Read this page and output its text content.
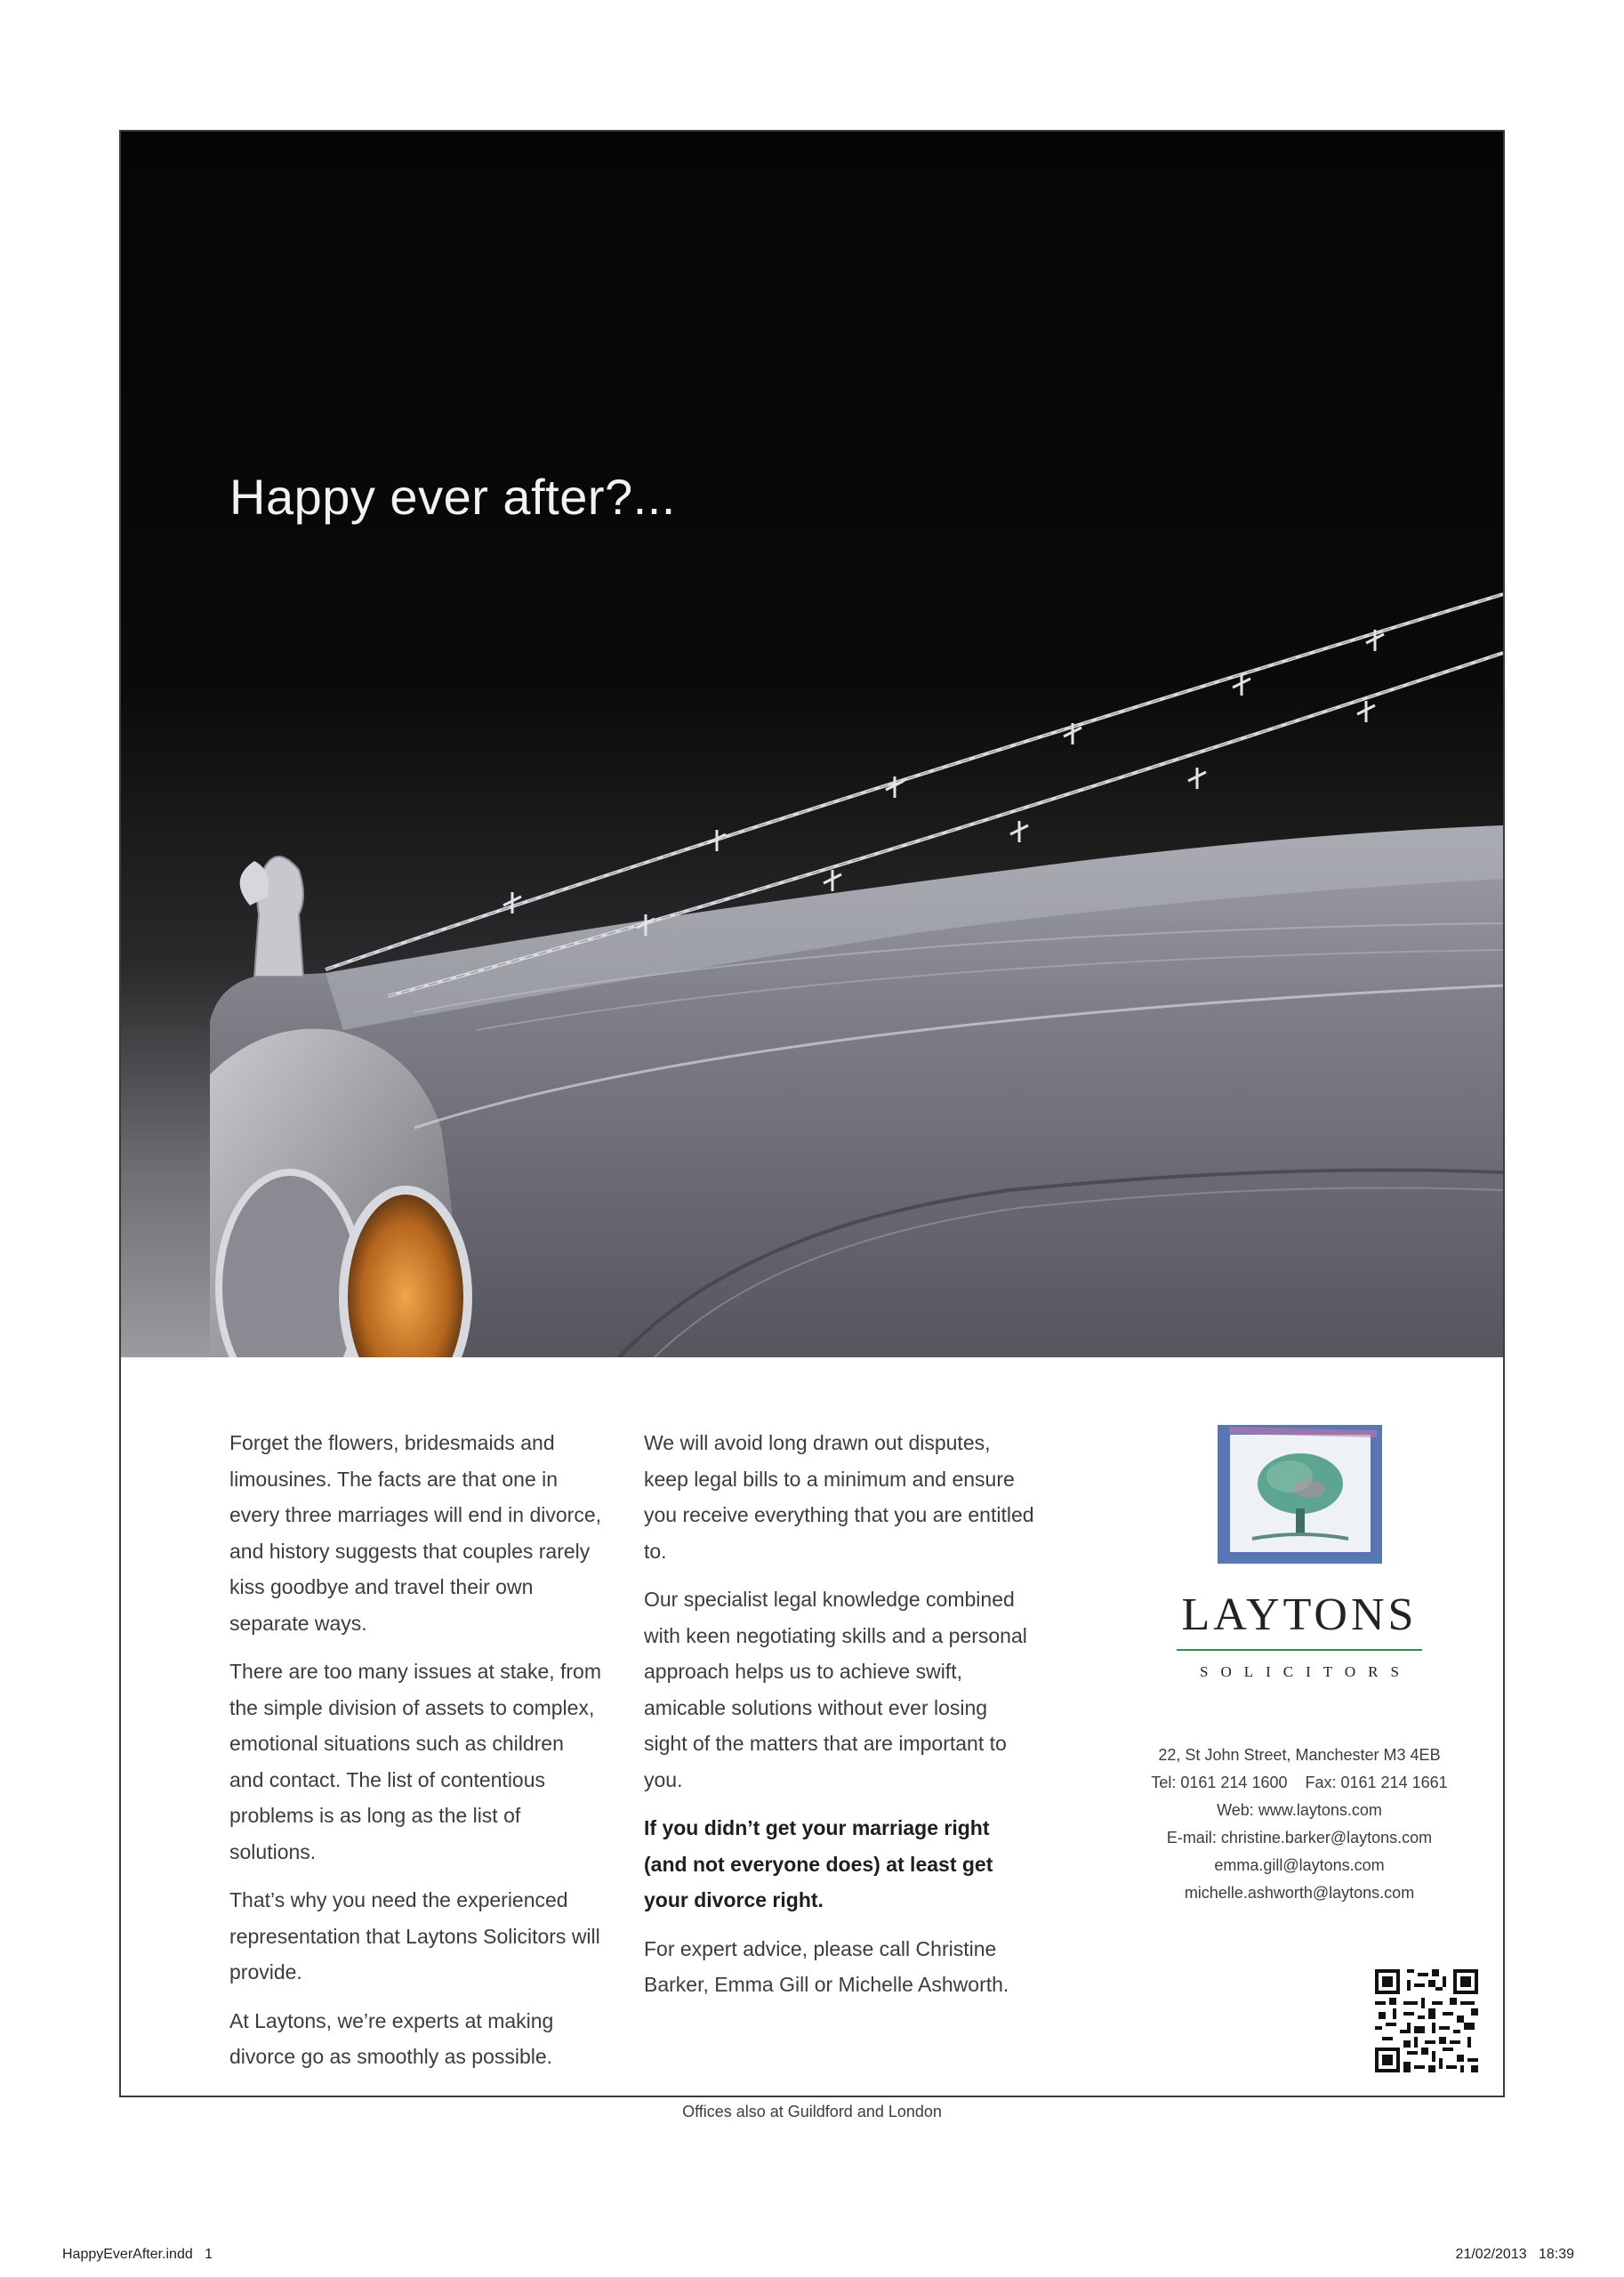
Happy ever after?...

Forget the flowers, bridesmaids and limousines. The facts are that one in every three marriages will end in divorce, and history suggests that couples rarely kiss goodbye and travel their own separate ways.

There are too many issues at stake, from the simple division of assets to complex, emotional situations such as children and contact. The list of contentious problems is as long as the list of solutions.

That’s why you need the experienced representation that Laytons Solicitors will provide.

At Laytons, we’re experts at making divorce go as smoothly as possible.

We will avoid long drawn out disputes, keep legal bills to a minimum and ensure you receive everything that you are entitled to.

Our specialist legal knowledge combined with keen negotiating skills and a personal approach helps us to achieve swift, amicable solutions without ever losing sight of the matters that are important to you.

If you didn’t get your marriage right (and not everyone does) at least get your divorce right.

For expert advice, please call Christine Barker, Emma Gill or Michelle Ashworth.

LAYTONS
SOLICITORS
22, St John Street, Manchester M3 4EB
Tel: 0161 214 1600    Fax: 0161 214 1661
Web: www.laytons.com
E-mail: christine.barker@laytons.com
emma.gill@laytons.com
michelle.ashworth@laytons.com
Offices also at Guildford and London
HappyEverAfter.indd   1	21/02/2013   18:39
